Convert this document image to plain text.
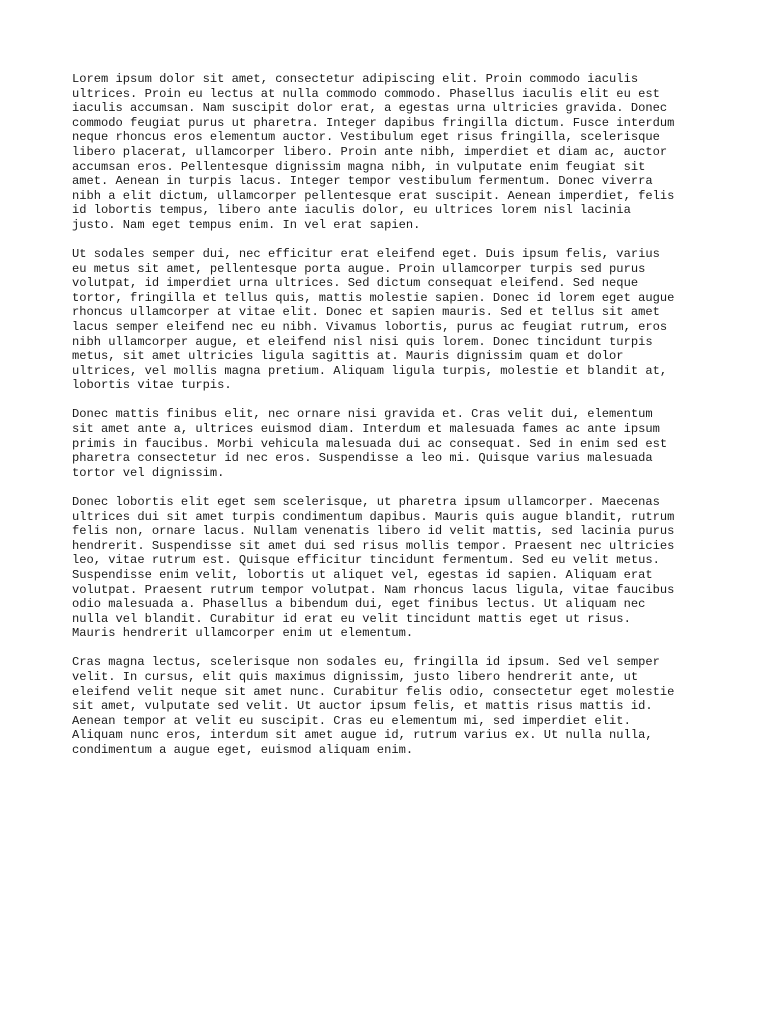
Lorem ipsum dolor sit amet, consectetur adipiscing elit. Proin commodo iaculis
ultrices. Proin eu lectus at nulla commodo commodo. Phasellus iaculis elit eu est
iaculis accumsan. Nam suscipit dolor erat, a egestas urna ultricies gravida. Donec
commodo feugiat purus ut pharetra. Integer dapibus fringilla dictum. Fusce interdum
neque rhoncus eros elementum auctor. Vestibulum eget risus fringilla, scelerisque
libero placerat, ullamcorper libero. Proin ante nibh, imperdiet et diam ac, auctor
accumsan eros. Pellentesque dignissim magna nibh, in vulputate enim feugiat sit
amet. Aenean in turpis lacus. Integer tempor vestibulum fermentum. Donec viverra
nibh a elit dictum, ullamcorper pellentesque erat suscipit. Aenean imperdiet, felis
id lobortis tempus, libero ante iaculis dolor, eu ultrices lorem nisl lacinia
justo. Nam eget tempus enim. In vel erat sapien.

Ut sodales semper dui, nec efficitur erat eleifend eget. Duis ipsum felis, varius
eu metus sit amet, pellentesque porta augue. Proin ullamcorper turpis sed purus
volutpat, id imperdiet urna ultrices. Sed dictum consequat eleifend. Sed neque
tortor, fringilla et tellus quis, mattis molestie sapien. Donec id lorem eget augue
rhoncus ullamcorper at vitae elit. Donec et sapien mauris. Sed et tellus sit amet
lacus semper eleifend nec eu nibh. Vivamus lobortis, purus ac feugiat rutrum, eros
nibh ullamcorper augue, et eleifend nisl nisi quis lorem. Donec tincidunt turpis
metus, sit amet ultricies ligula sagittis at. Mauris dignissim quam et dolor
ultrices, vel mollis magna pretium. Aliquam ligula turpis, molestie et blandit at,
lobortis vitae turpis.

Donec mattis finibus elit, nec ornare nisi gravida et. Cras velit dui, elementum
sit amet ante a, ultrices euismod diam. Interdum et malesuada fames ac ante ipsum
primis in faucibus. Morbi vehicula malesuada dui ac consequat. Sed in enim sed est
pharetra consectetur id nec eros. Suspendisse a leo mi. Quisque varius malesuada
tortor vel dignissim.

Donec lobortis elit eget sem scelerisque, ut pharetra ipsum ullamcorper. Maecenas
ultrices dui sit amet turpis condimentum dapibus. Mauris quis augue blandit, rutrum
felis non, ornare lacus. Nullam venenatis libero id velit mattis, sed lacinia purus
hendrerit. Suspendisse sit amet dui sed risus mollis tempor. Praesent nec ultricies
leo, vitae rutrum est. Quisque efficitur tincidunt fermentum. Sed eu velit metus.
Suspendisse enim velit, lobortis ut aliquet vel, egestas id sapien. Aliquam erat
volutpat. Praesent rutrum tempor volutpat. Nam rhoncus lacus ligula, vitae faucibus
odio malesuada a. Phasellus a bibendum dui, eget finibus lectus. Ut aliquam nec
nulla vel blandit. Curabitur id erat eu velit tincidunt mattis eget ut risus.
Mauris hendrerit ullamcorper enim ut elementum.

Cras magna lectus, scelerisque non sodales eu, fringilla id ipsum. Sed vel semper
velit. In cursus, elit quis maximus dignissim, justo libero hendrerit ante, ut
eleifend velit neque sit amet nunc. Curabitur felis odio, consectetur eget molestie
sit amet, vulputate sed velit. Ut auctor ipsum felis, et mattis risus mattis id.
Aenean tempor at velit eu suscipit. Cras eu elementum mi, sed imperdiet elit.
Aliquam nunc eros, interdum sit amet augue id, rutrum varius ex. Ut nulla nulla,
condimentum a augue eget, euismod aliquam enim.
